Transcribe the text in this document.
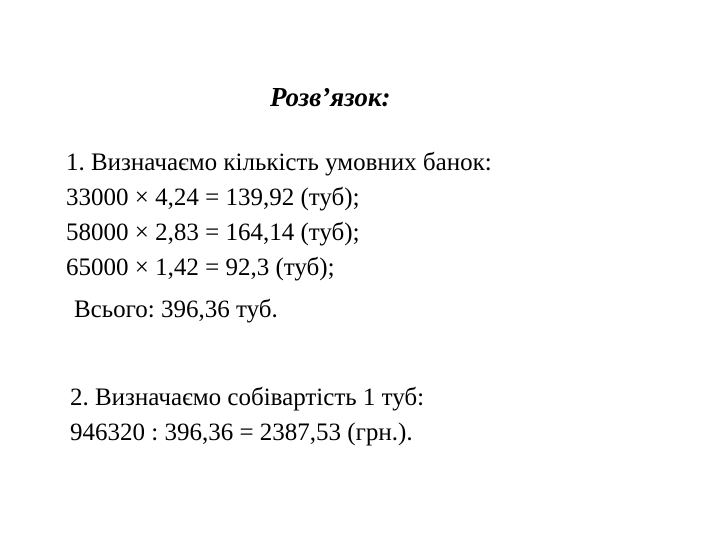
Розв’язок:
1. Визначаємо кількість умовних банок:
33000 × 4,24 = 139,92 (туб);
58000 × 2,83 = 164,14 (туб);
65000 × 1,42 = 92,3 (туб);
Всього: 396,36 туб.
2. Визначаємо собівартість 1 туб:
946320 : 396,36 = 2387,53 (грн.).
